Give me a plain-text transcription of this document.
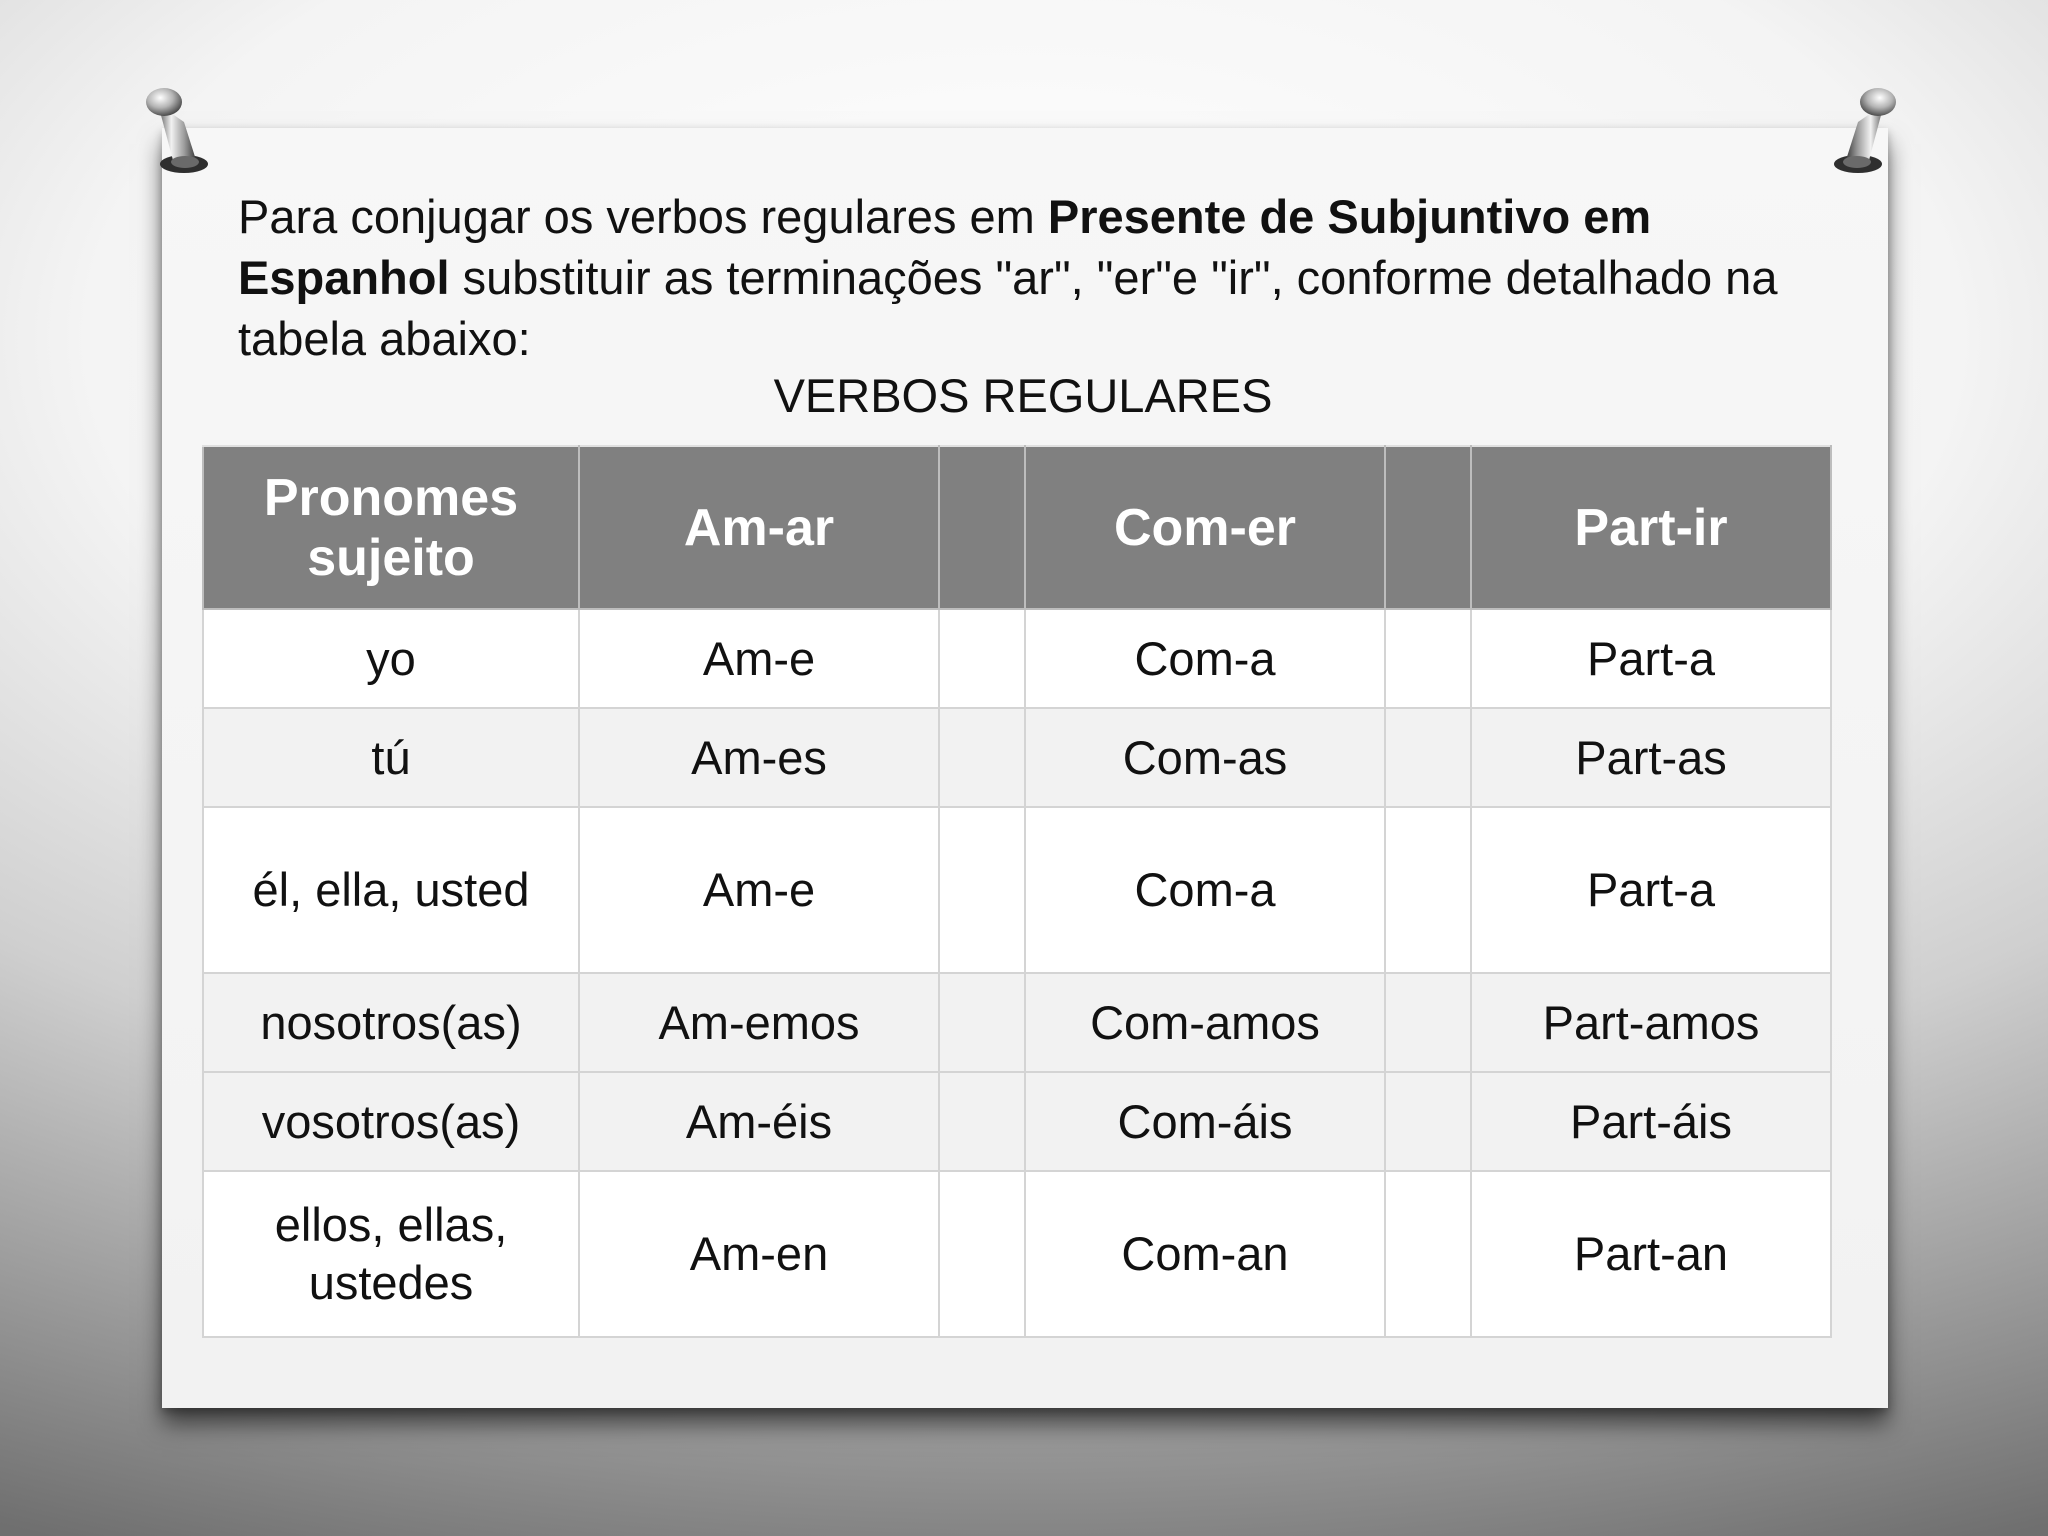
Para conjugar os verbos regulares em Presente de Subjuntivo em Espanhol substituir as terminações "ar", "er"e "ir", conforme detalhado na tabela abaixo:

VERBOS REGULARES
Pronomes
sujeito	Am-ar		Com-er		Part-ir
yo	Am-e		Com-a		Part-a
tú	Am-es		Com-as		Part-as
él, ella, usted	Am-e		Com-a		Part-a
nosotros(as)	Am-emos		Com-amos		Part-amos
vosotros(as)	Am-éis		Com-áis		Part-áis
ellos, ellas,
ustedes	Am-en		Com-an		Part-an
